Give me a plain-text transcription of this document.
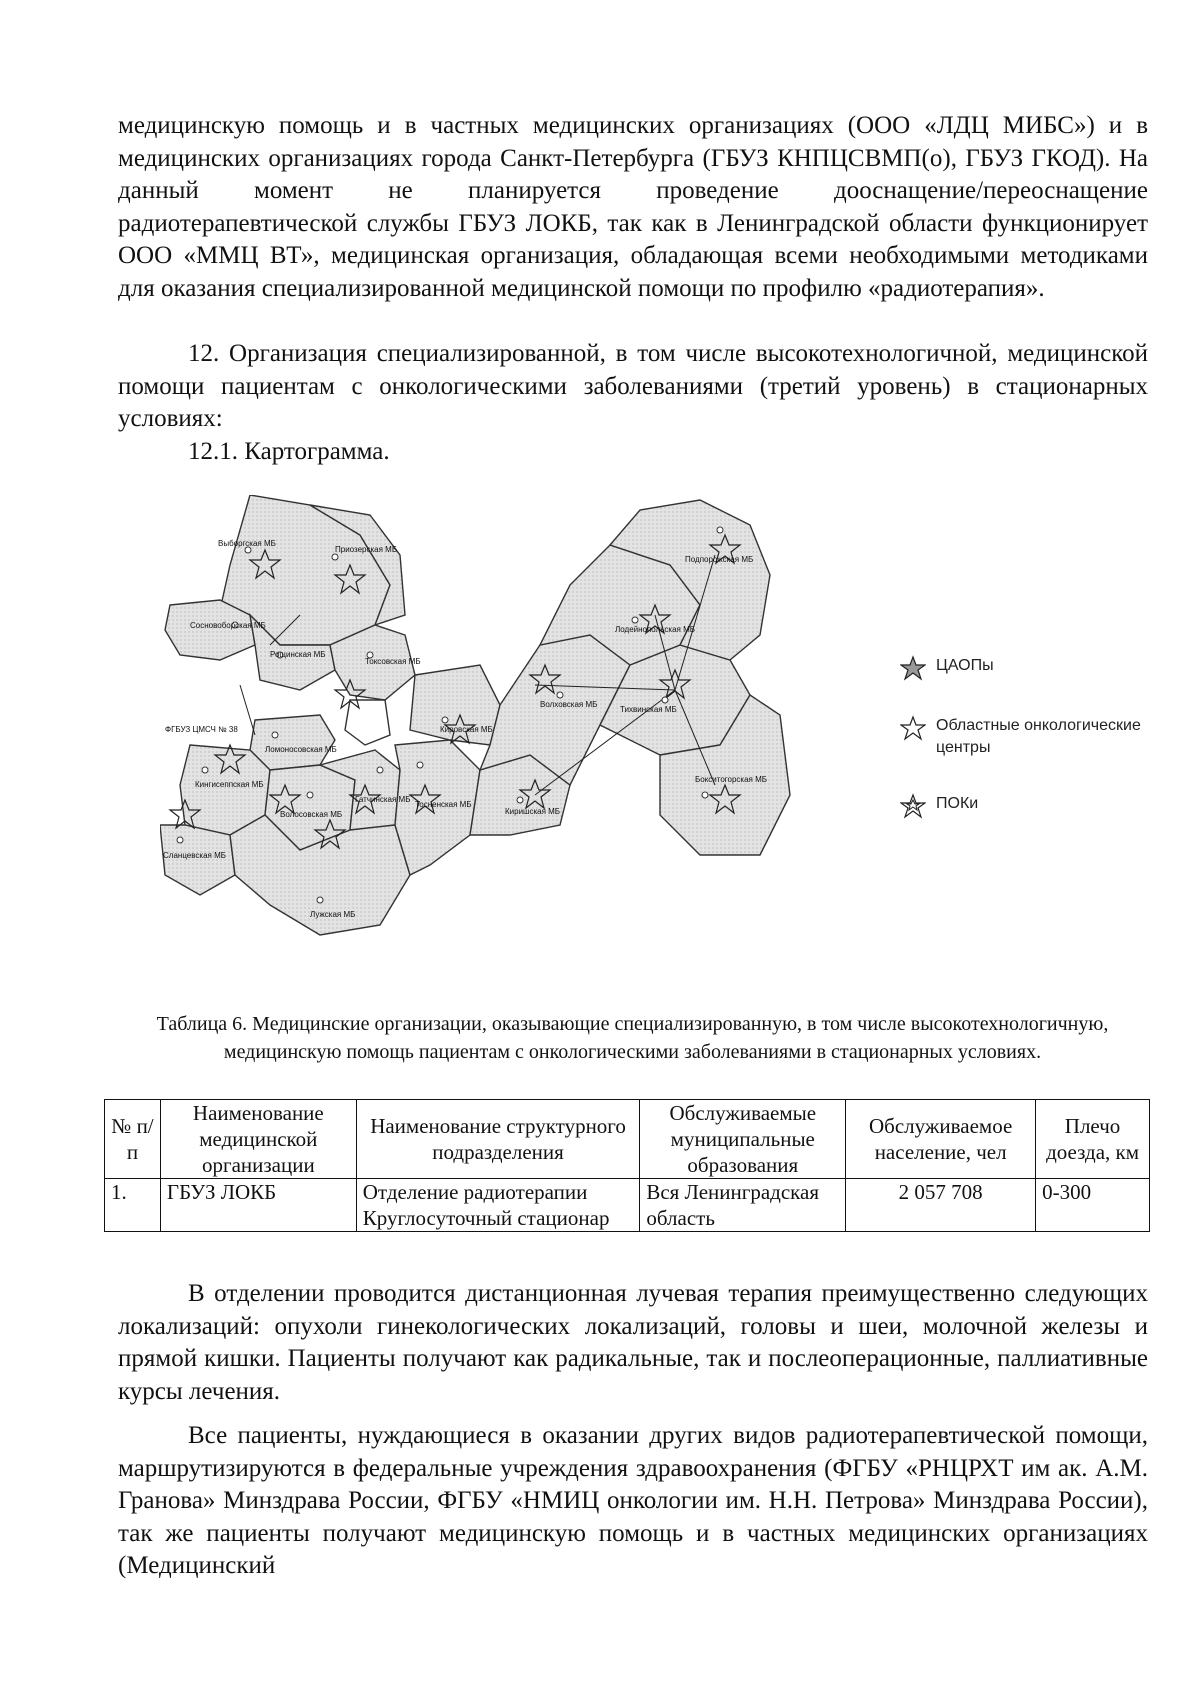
медицинскую помощь и в частных медицинских организациях (ООО «ЛДЦ МИБС») и в медицинских организациях города Санкт-Петербурга (ГБУЗ КНПЦСВМП(о), ГБУЗ ГКОД). На данный момент не планируется проведение дооснащение/переоснащение радиотерапевтической службы ГБУЗ ЛОКБ, так как в Ленинградской области функционирует ООО «ММЦ ВТ», медицинская организация, обладающая всеми необходимыми методиками для оказания специализированной медицинской помощи по профилю «радиотерапия».

12. Организация специализированной, в том числе высокотехнологичной, медицинской помощи пациентам с онкологическими заболеваниями (третий уровень) в стационарных условиях:

12.1. Картограмма.

Выборгская МБ
Приозерская МБ
Сосновоборская МБ
Рощинская МБ
Токсовская МБ
ФГБУЗ ЦМСЧ № 38
Ломоносовская МБ
Кингисеппская МБ
Волосовская МБ
Гатчинская МБ
Сланцевская МБ
Лужская МБ
Тосненская МБ
Кировская МБ
Киришская МБ
Волховская МБ
Тихвинская МБ
Лодейнопольская МБ
Подпорожская МБ
Бокситогорская МБ
ЦАОПы
Областные онкологические центры
ПОКи

Таблица 6. Медицинские организации, оказывающие специализированную, в том числе высокотехнологичную, медицинскую помощь пациентам с онкологическими заболеваниями в стационарных условиях.

№ п/п	Наименование медицинской организации	Наименование структурного подразделения	Обслуживаемые муниципальные образования	Обслуживаемое население, чел	Плечо доезда, км
1.	ГБУЗ ЛОКБ	Отделение радиотерапии Круглосуточный стационар	Вся Ленинградская область	2 057 708	0-300

В отделении проводится дистанционная лучевая терапия преимущественно следующих локализаций: опухоли гинекологических локализаций, головы и шеи, молочной железы и прямой кишки. Пациенты получают как радикальные, так и послеоперационные, паллиативные курсы лечения.

Все пациенты, нуждающиеся в оказании других видов радиотерапевтической помощи, маршрутизируются в федеральные учреждения здравоохранения (ФГБУ «РНЦРХТ им ак. А.М. Гранова» Минздрава России, ФГБУ «НМИЦ онкологии им. Н.Н. Петрова» Минздрава России), так же пациенты получают медицинскую помощь и в частных медицинских организациях (Медицинский
